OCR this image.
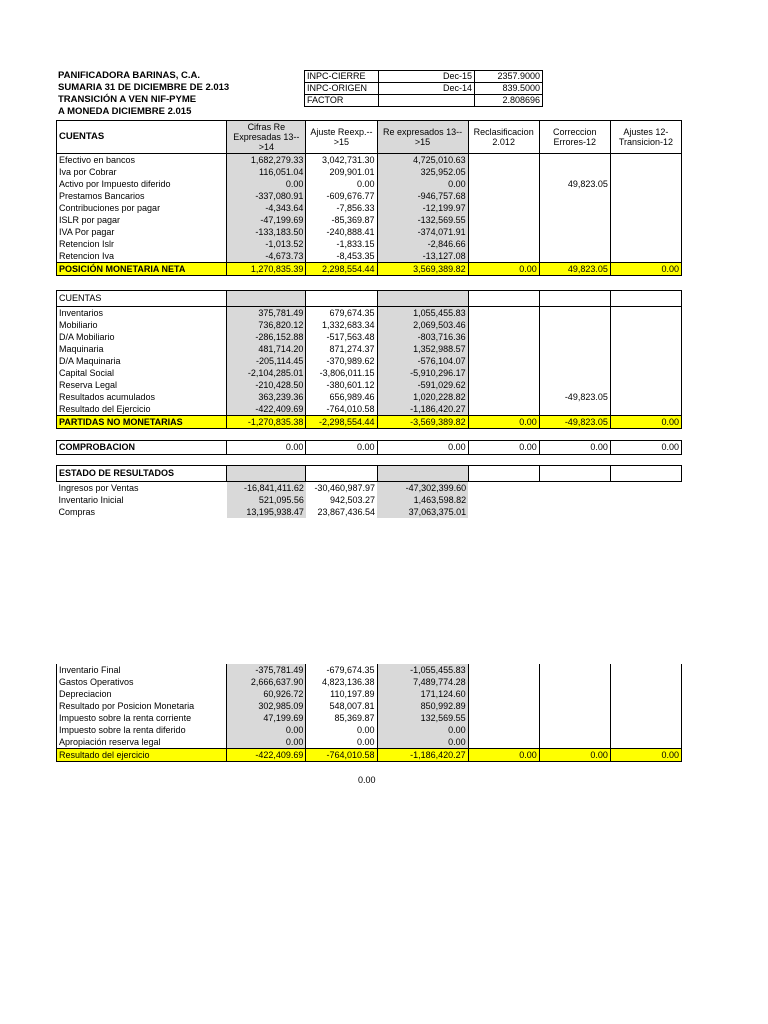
PANIFICADORA BARINAS, C.A.
SUMARIA 31 DE DICIEMBRE DE 2.013
TRANSICIÓN A VEN NIF-PYME
A MONEDA DICIEMBRE 2.015
INPC-CIERRE	Dec-15	2357.9000
INPC-ORIGEN	Dec-14	839.5000
FACTOR		2.808696
CUENTAS	Cifras Re Expresadas 13-->14	Ajuste Reexp.-->15	Re expresados 13-->15	Reclasificacion 2.012	Correccion Errores-12	Ajustes 12-Transicion-12
Efectivo en bancos	1,682,279.33	3,042,731.30	4,725,010.63			
Iva por Cobrar	116,051.04	209,901.01	325,952.05			
Activo por Impuesto diferido	0.00	0.00	0.00		49,823.05	
Prestamos Bancarios	-337,080.91	-609,676.77	-946,757.68			
Contribuciones por pagar	-4,343.64	-7,856.33	-12,199.97			
ISLR por pagar	-47,199.69	-85,369.87	-132,569.55			
IVA Por pagar	-133,183.50	-240,888.41	-374,071.91			
Retencion Islr	-1,013.52	-1,833.15	-2,846.66			
Retencion Iva	-4,673.73	-8,453.35	-13,127.08			
POSICIÓN MONETARIA NETA	1,270,835.39	2,298,554.44	3,569,389.82	0.00	49,823.05	0.00
CUENTAS						
Inventarios	375,781.49	679,674.35	1,055,455.83			
Mobiliario	736,820.12	1,332,683.34	2,069,503.46			
D/A Mobiliario	-286,152.88	-517,563.48	-803,716.36			
Maquinaria	481,714.20	871,274.37	1,352,988.57			
D/A Maquinaria	-205,114.45	-370,989.62	-576,104.07			
Capital Social	-2,104,285.01	-3,806,011.15	-5,910,296.17			
Reserva Legal	-210,428.50	-380,601.12	-591,029.62			
Resultados acumulados	363,239.36	656,989.46	1,020,228.82		-49,823.05	
Resultado del Ejercicio	-422,409.69	-764,010.58	-1,186,420.27			
PARTIDAS NO MONETARIAS	-1,270,835.38	-2,298,554.44	-3,569,389.82	0.00	-49,823.05	0.00
COMPROBACION	0.00	0.00	0.00	0.00	0.00	0.00
ESTADO DE RESULTADOS						
Ingresos por Ventas	-16,841,411.62	-30,460,987.97	-47,302,399.60			
Inventario Inicial	521,095.56	942,503.27	1,463,598.82			
Compras	13,195,938.47	23,867,436.54	37,063,375.01			
Inventario Final	-375,781.49	-679,674.35	-1,055,455.83			
Gastos Operativos	2,666,637.90	4,823,136.38	7,489,774.28			
Depreciacion	60,926.72	110,197.89	171,124.60			
Resultado por Posicion Monetaria	302,985.09	548,007.81	850,992.89			
Impuesto sobre la renta corriente	47,199.69	85,369.87	132,569.55			
Impuesto sobre la renta diferido	0.00	0.00	0.00			
Apropiación reserva legal	0.00	0.00	0.00			
Resultado del ejercicio	-422,409.69	-764,010.58	-1,186,420.27	0.00	0.00	0.00
0.00
